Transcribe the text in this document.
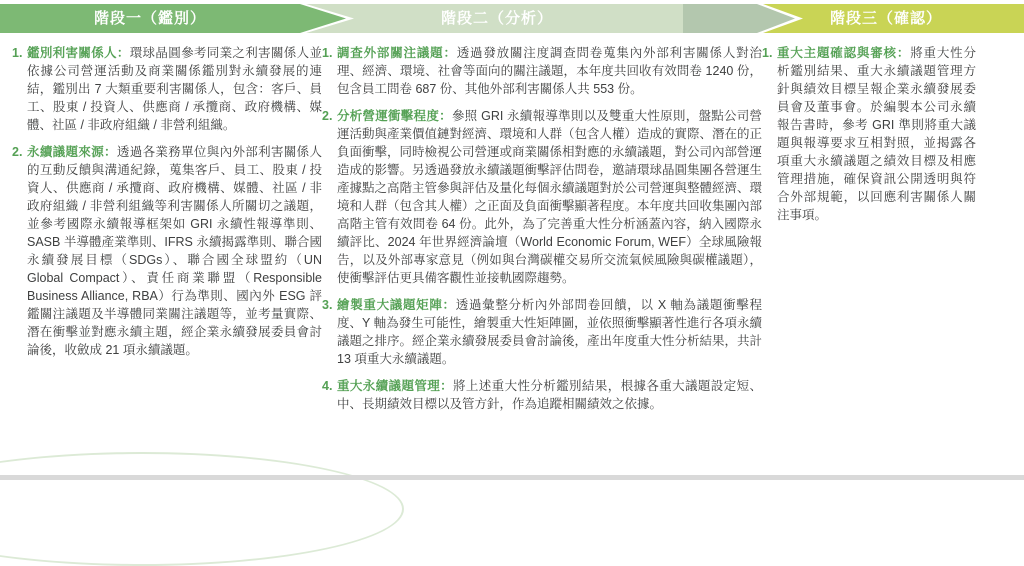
階段一（鑑別）	階段二（分析）	階段三（確認）

1. 鑑別利害關係人：環球晶圓參考同業之利害關係人並依據公司營運活動及商業關係鑑別對永續發展的連結，鑑別出 7 大類重要利害關係人，包含：客戶、員工、股東 / 投資人、供應商 / 承攬商、政府機構、媒體、社區 / 非政府組織 / 非營利組織。

2. 永續議題來源：透過各業務單位與內外部利害關係人的互動反饋與溝通紀錄，蒐集客戶、員工、股東 / 投資人、供應商 / 承攬商、政府機構、媒體、社區 / 非政府組織 / 非營利組織等利害關係人所關切之議題，並參考國際永續報導框架如 GRI 永續性報導準則、SASB 半導體產業準則、IFRS 永續揭露準則、聯合國永續發展目標（SDGs）、聯合國全球盟約（UN Global Compact）、責任商業聯盟（Responsible Business Alliance, RBA）行為準則、國內外 ESG 評鑑關注議題及半導體同業關注議題等，並考量實際、潛在衝擊並對應永續主題，經企業永續發展委員會討論後，收斂成 21 項永續議題。

1. 調查外部關注議題：透過發放關注度調查問卷蒐集內外部利害關係人對治理、經濟、環境、社會等面向的關注議題，本年度共回收有效問卷 1240 份，包含員工問卷 687 份、其他外部利害關係人共 553 份。

2. 分析營運衝擊程度：參照 GRI 永續報導準則以及雙重大性原則，盤點公司營運活動與產業價值鏈對經濟、環境和人群（包含人權）造成的實際、潛在的正負面衝擊，同時檢視公司營運或商業關係相對應的永續議題，對公司內部營運造成的影響。另透過發放永續議題衝擊評估問卷，邀請環球晶圓集團各營運生產據點之高階主管參與評估及量化每個永續議題對於公司營運與整體經濟、環境和人群（包含其人權）之正面及負面衝擊顯著程度。本年度共回收集團內部高階主管有效問卷 64 份。此外，為了完善重大性分析涵蓋內容，納入國際永續評比、2024 年世界經濟論壇（World Economic Forum, WEF）全球風險報告，以及外部專家意見（例如與台灣碳權交易所交流氣候風險與碳權議題），使衝擊評估更具備客觀性並接軌國際趨勢。

3. 繪製重大議題矩陣：透過彙整分析內外部問卷回饋，以 X 軸為議題衝擊程度、Y 軸為發生可能性，繪製重大性矩陣圖，並依照衝擊顯著性進行各項永續議題之排序。經企業永續發展委員會討論後，產出年度重大性分析結果，共計 13 項重大永續議題。

4. 重大永續議題管理：將上述重大性分析鑑別結果，根據各重大議題設定短、中、長期績效目標以及管方針，作為追蹤相關績效之依據。

1. 重大主題確認與審核：將重大性分析鑑別結果、重大永續議題管理方針與績效目標呈報企業永續發展委員會及董事會。於編製本公司永續報告書時，參考 GRI 準則將重大議題與報導要求互相對照，並揭露各項重大永續議題之績效目標及相應管理措施，確保資訊公開透明與符合外部規範，以回應利害關係人關注事項。
